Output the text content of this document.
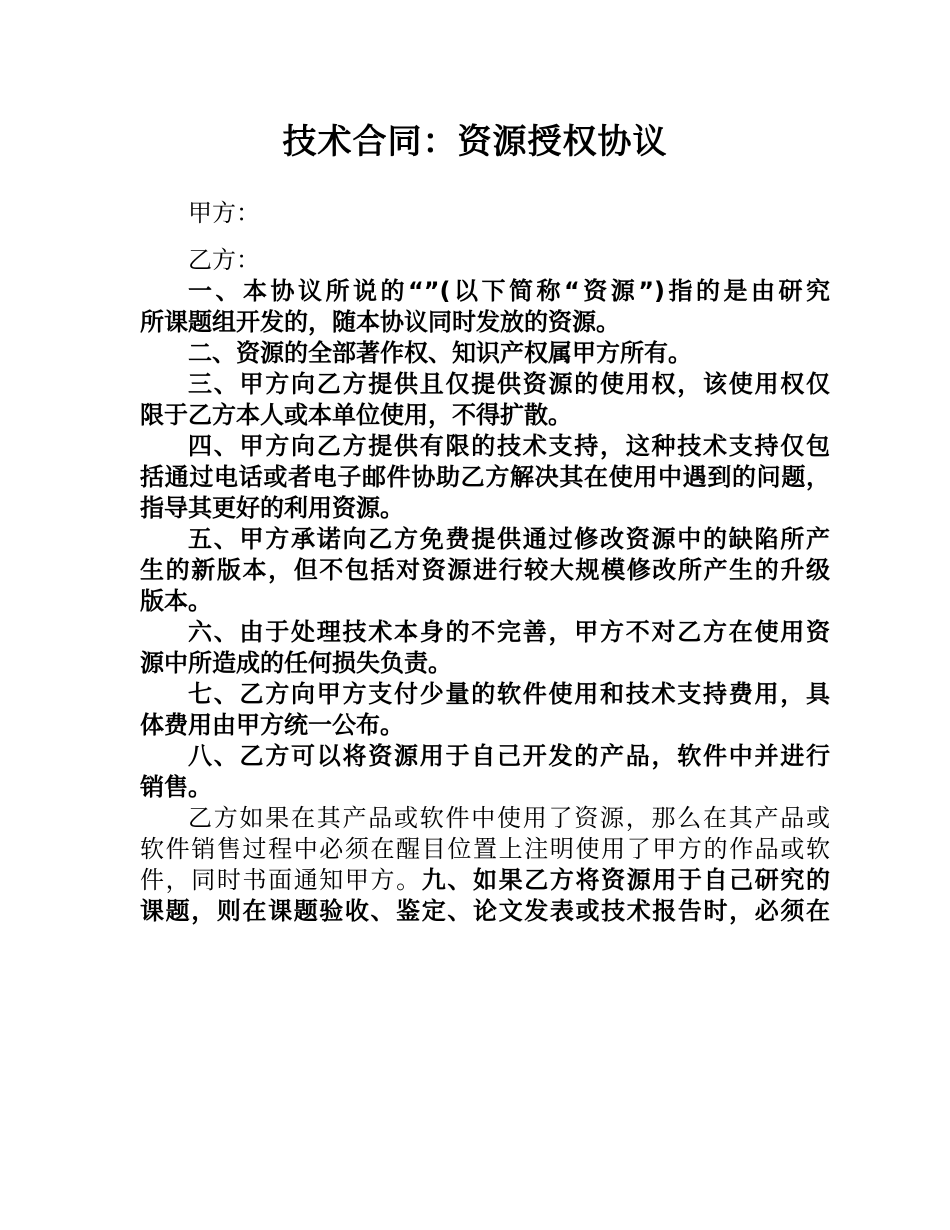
技术合同：资源授权协议
甲方：
乙方：
一、本协议所说的“”(以下简称“资源”)指的是由研究
所课题组开发的，随本协议同时发放的资源。
二、资源的全部著作权、知识产权属甲方所有。
三、甲方向乙方提供且仅提供资源的使用权，该使用权仅
限于乙方本人或本单位使用，不得扩散。
四、甲方向乙方提供有限的技术支持，这种技术支持仅包
括通过电话或者电子邮件协助乙方解决其在使用中遇到的问题，
指导其更好的利用资源。
五、甲方承诺向乙方免费提供通过修改资源中的缺陷所产
生的新版本，但不包括对资源进行较大规模修改所产生的升级
版本。
六、由于处理技术本身的不完善，甲方不对乙方在使用资
源中所造成的任何损失负责。
七、乙方向甲方支付少量的软件使用和技术支持费用，具
体费用由甲方统一公布。
八、乙方可以将资源用于自己开发的产品，软件中并进行
销售。
乙方如果在其产品或软件中使用了资源，那么在其产品或
软件销售过程中必须在醒目位置上注明使用了甲方的作品或软
件，同时书面通知甲方。九、如果乙方将资源用于自己研究的
课题，则在课题验收、鉴定、论文发表或技术报告时，必须在
